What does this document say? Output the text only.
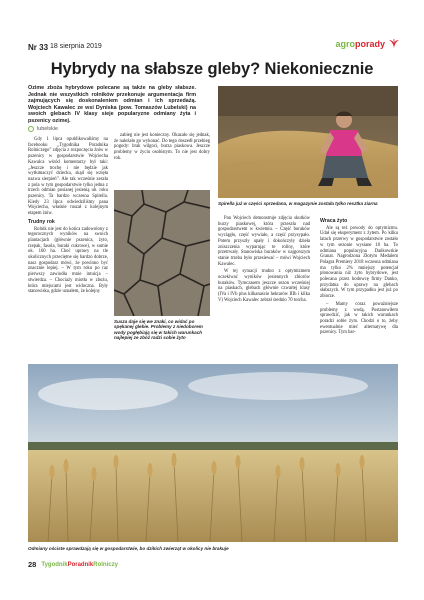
Nr 33 18 sierpnia 2019	agroporady
Hybrydy na słabsze gleby? Niekoniecznie
Ozime zboża hybrydowe polecane są także na gleby słabsze. Jednak nie wszystkich rolników przekonuje argumentacja firm zajmujących się doskonaleniem odmian i ich sprzedażą. Wojciech Kawalec ze wsi Dyniska (pow. Tomaszów Lubelski) na swoich glebach IV klasy sieje popularyzne odmiany żyta i pszenicy ozimej.
lubelskie
Spirella już w części sprzedana, w magazynie została tylko resztka ziarna

Gdy 1 lipca opublikowaliśmy na facebooku „Tygodnika Poradnika Rolniczego” zdjęcia z rozpoczęcia żniw w pszenicy w gospodarstwie Wojciecha Kawalca wśród komentarzy był taki: „Jeszcze trochę i nie będzie jak wytłumaczyć dziecku, skąd się wzięła nazwa sierpień”. Ale tak wcześnie zeszła z pola w tym gospodarstwie tylko jedna z trzech odmian posianej jesienią ub. roku pszenicy. Ta bardzo wczesna Spirella. Kiedy 23 lipca odwiedziliśmy pana Wojciecha, właśnie ruszał z kolejnym etapem żniw.

Trudny rok

Rolnik nie jest do końca zadowolony z tegorocznych wyników na swoich plantacjach (głównie pszenica, żyto, rzepak, fasola, buraki cukrowe), w sumie ok. 160 ha. Choć uprawy na tle okolicznych przeciętne się bardzo dobrze, nasz gospodarz mówi, że powinno być znacznie lepiej. – W tym roku po raz pierwszy zawiodła mnie intuicja – stwierdza. – Chociaży miotła w zbożu, która miejscami jest widoczna. Były stanowiska, gdzie uznałem, że kolejny

zabieg nie jest konieczny. Okazało się jednak, że należało go wykonać. Do tego doszedł przebieg pogody: brak wilgoci, burza piaskowa. Jeszcze problemy w życiu osobistym. To nie jest dobry rok.

Susza daje się we znaki, co widać po spękanej glebie. Problemy z niedoborem wody pogłębiają się w takich warunkach najlepiej ze zbóż radzi sobie żyto

Pan Wojciech demonstruje zdjęcia skutków burzy piaskowej, która przeszła nad gospodarstwem w kwietniu. – Część buraków wyciągło, część wywiało, a część przysypało. Potem przyszły upały i dokończyły dzieła zniszczenia wyparując te roliny, które przetrwały. Stanowiska buraków w najgorszym stanie trzeba było przesiewać – mówi Wojciech Kawalec.

W tej sytuacji trudno z optymizmem oczekiwać wyników jesiennych zbiorów buraków. Tymczasem jeszcze sezon wcześniej na piaskach, glebach głównie czwartej klasy (IVa i IVb plus kilkanaście hektarów IIIb i kilka V) Wojciech Kawalec zebrał średnio 70 ton/ha.

Wraca żyto

Ale są też powody do optymizmu. Udał się eksperyment z żytem. Po kilku latach przerwy w gospodarstwie zostało w tym sezonie wysiane 18 ha. To odmiana populacyjna Dańkowskie Granat. Nagrodzona Złotym Medalem Polagra Premiery 2018 wczesna odmiana ma tylko 2% mniejszy potencjał plonowania niż żyto hybrydowe, jest polecana przez hodowcę firmy Danko, przydatna do uprawy na glebach słabszych. W tym przypadku jest już po zbiorze.

– Mamy coraz poważniejsze problemy z wodą. Postanowiłem sprawdzić, jak w takich warunkach poradzi sobie żyto. Chodzi o to, żeby ewentualnie mieć alternatywę dla pszenicy. Tym bar-

Odmiany ościste sprawdzają się w gospodarstwie, bo dzikich zwierząt w okolicy nie brakuje
28 TygodnikPoradnikRolniczy
